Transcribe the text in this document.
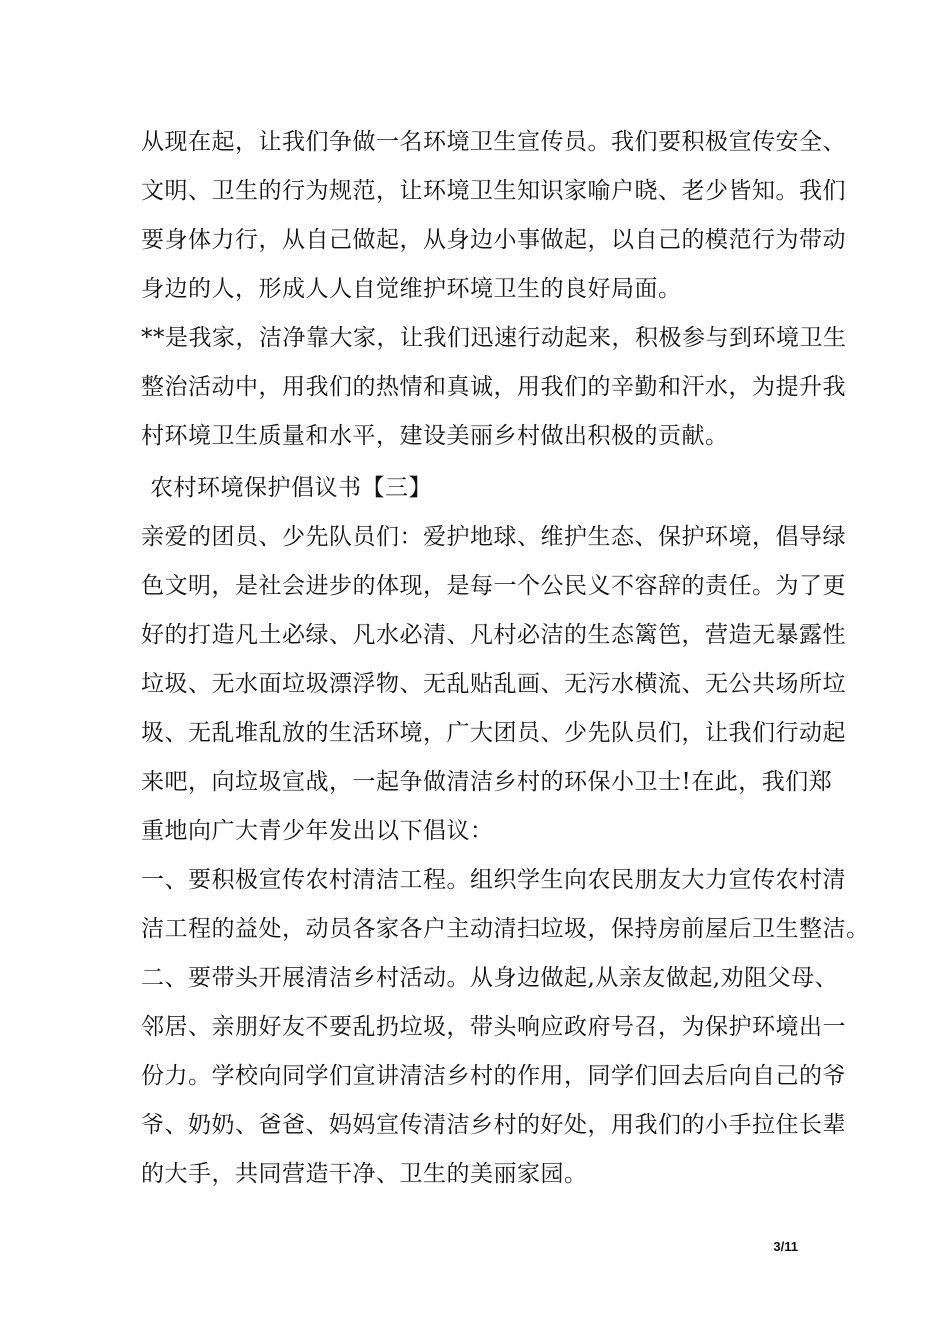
从现在起，让我们争做一名环境卫生宣传员。我们要积极宣传安全、
文明、卫生的行为规范，让环境卫生知识家喻户晓、老少皆知。我们
要身体力行，从自己做起，从身边小事做起，以自己的模范行为带动
身边的人，形成人人自觉维护环境卫生的良好局面。
**是我家，洁净靠大家，让我们迅速行动起来，积极参与到环境卫生
整治活动中，用我们的热情和真诚，用我们的辛勤和汗水，为提升我
村环境卫生质量和水平，建设美丽乡村做出积极的贡献。
农村环境保护倡议书【三】
亲爱的团员、少先队员们：爱护地球、维护生态、保护环境，倡导绿
色文明，是社会进步的体现，是每一个公民义不容辞的责任。为了更
好的打造凡土必绿、凡水必清、凡村必洁的生态篱笆，营造无暴露性
垃圾、无水面垃圾漂浮物、无乱贴乱画、无污水横流、无公共场所垃
圾、无乱堆乱放的生活环境，广大团员、少先队员们，让我们行动起
来吧，向垃圾宣战，一起争做清洁乡村的环保小卫士!在此，我们郑
重地向广大青少年发出以下倡议：
一、要积极宣传农村清洁工程。组织学生向农民朋友大力宣传农村清
洁工程的益处，动员各家各户主动清扫垃圾，保持房前屋后卫生整洁。
二、要带头开展清洁乡村活动。从身边做起,从亲友做起,劝阻父母、
邻居、亲朋好友不要乱扔垃圾，带头响应政府号召，为保护环境出一
份力。学校向同学们宣讲清洁乡村的作用，同学们回去后向自己的爷
爷、奶奶、爸爸、妈妈宣传清洁乡村的好处，用我们的小手拉住长辈
的大手，共同营造干净、卫生的美丽家园。
3/11
